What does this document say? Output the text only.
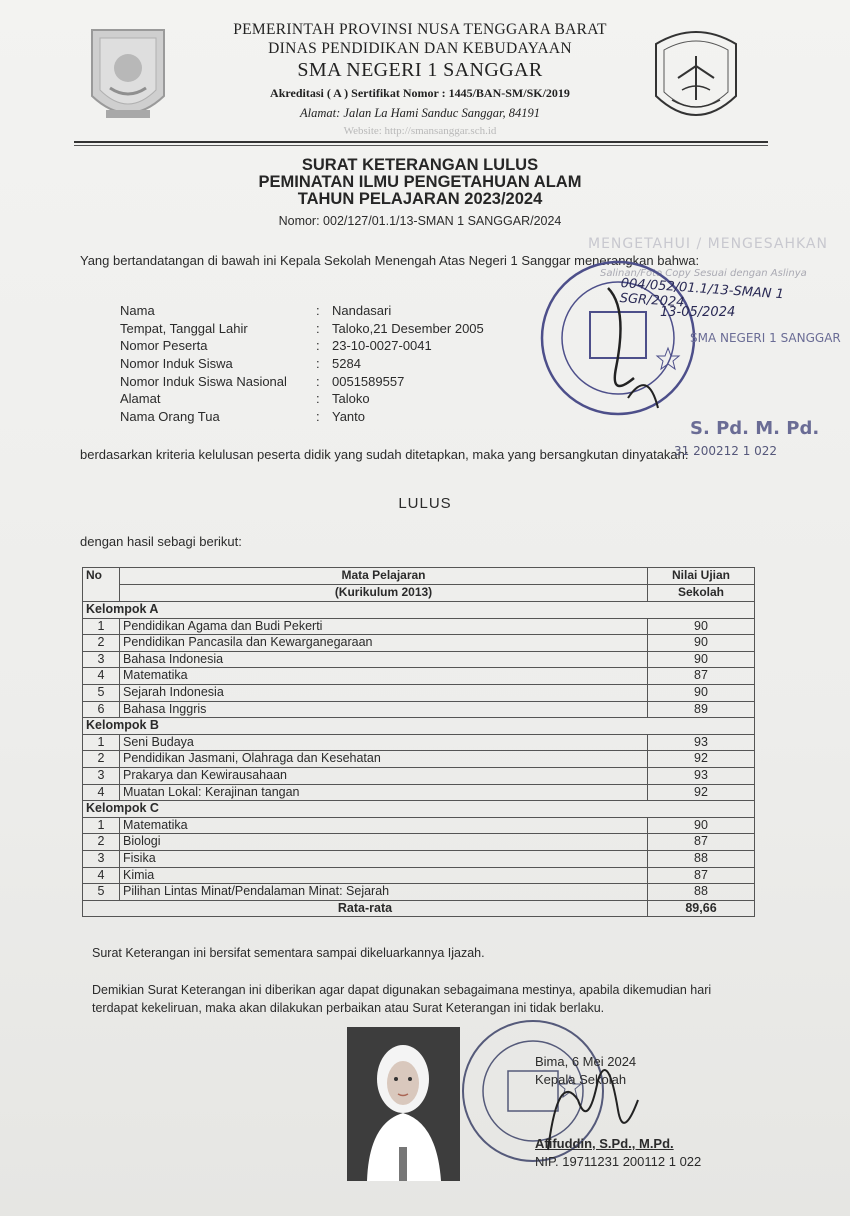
PEMERINTAH PROVINSI NUSA TENGGARA BARAT
DINAS PENDIDIKAN DAN KEBUDAYAAN
SMA NEGERI 1 SANGGAR
Akreditasi ( A ) Sertifikat Nomor : 1445/BAN-SM/SK/2019
Alamat: Jalan La Hami Sanduc Sanggar, 84191
Website: http://smansanggar.sch.id
SURAT KETERANGAN LULUS
PEMINATAN ILMU PENGETAHUAN ALAM
TAHUN PELAJARAN 2023/2024
Nomor: 002/127/01.1/13-SMAN 1 SANGGAR/2024
Yang bertandatangan di bawah ini Kepala Sekolah Menengah Atas Negeri 1 Sanggar menerangkan bahwa:
Nama	: Nandasari
Tempat, Tanggal Lahir	: Taloko,21 Desember 2005
Nomor Peserta	: 23-10-0027-0041
Nomor Induk Siswa	: 5284
Nomor Induk Siswa Nasional	: 0051589557
Alamat	: Taloko
Nama Orang Tua	: Yanto
berdasarkan kriteria kelulusan peserta didik yang sudah ditetapkan, maka yang bersangkutan dinyatakan:
LULUS
dengan hasil sebagi berikut:
No	Mata Pelajaran	Nilai Ujian
	(Kurikulum 2013)	Sekolah
Kelompok A		
1	Pendidikan Agama dan Budi Pekerti	90
2	Pendidikan Pancasila dan Kewarganegaraan	90
3	Bahasa Indonesia	90
4	Matematika	87
5	Sejarah Indonesia	90
6	Bahasa Inggris	89
Kelompok B		
1	Seni Budaya	93
2	Pendidikan Jasmani, Olahraga dan Kesehatan	92
3	Prakarya dan Kewirausahaan	93
4	Muatan Lokal: Kerajinan tangan	92
Kelompok C		
1	Matematika	90
2	Biologi	87
3	Fisika	88
4	Kimia	87
5	Pilihan Lintas Minat/Pendalaman Minat: Sejarah	88
Rata-rata		89,66
Surat Keterangan ini bersifat sementara sampai dikeluarkannya Ijazah.
Demikian Surat Keterangan ini diberikan agar dapat digunakan sebagaimana mestinya, apabila dikemudian hari terdapat kekeliruan, maka akan dilakukan perbaikan atau Surat Keterangan ini tidak berlaku.
Bima, 6 Mei 2024
Kepala Sekolah
Afifuddin, S.Pd., M.Pd.
NIP. 19711231 200112 1 022
MENGETAHUI / MENGESAHKAN
Salinan/Foto Copy Sesuai dengan Aslinya
004/052/01.1/13-SMAN 1 SGR/2024
13-05/2024
SMA NEGERI 1 SANGGAR
S. Pd. M. Pd.
31 200212 1 022
